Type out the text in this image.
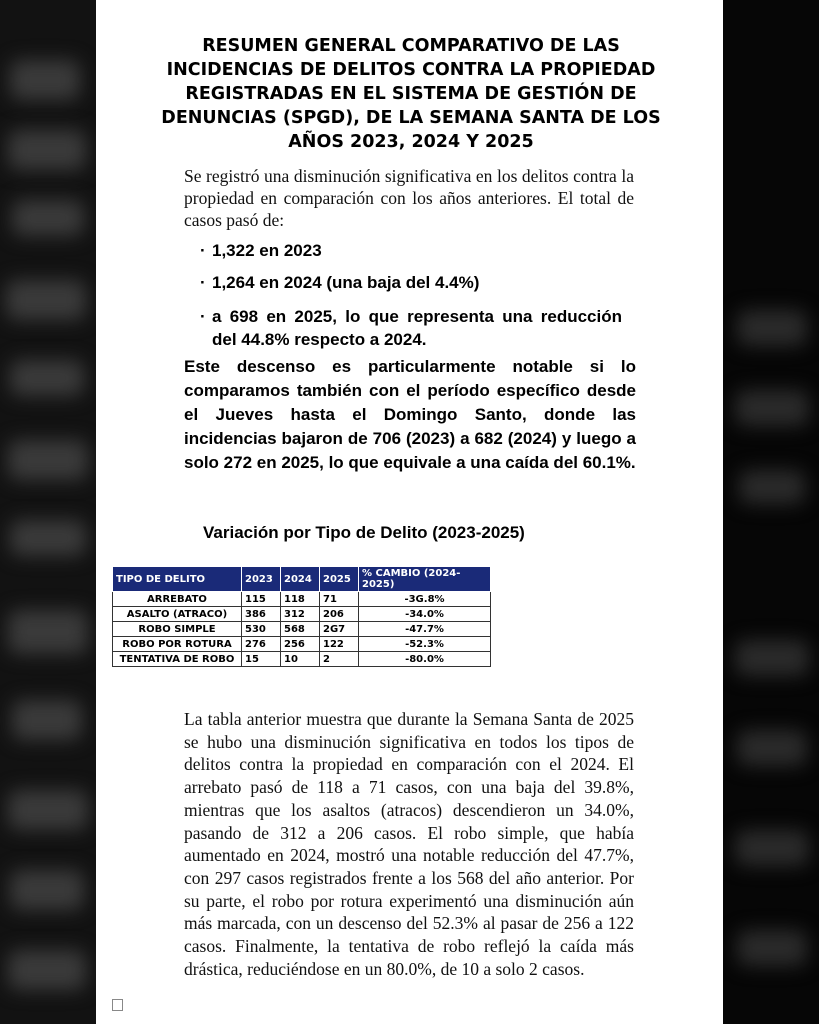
RESUMEN GENERAL COMPARATIVO DE LAS INCIDENCIAS DE DELITOS CONTRA LA PROPIEDAD REGISTRADAS EN EL SISTEMA DE GESTIÓN DE DENUNCIAS (SPGD), DE LA SEMANA SANTA DE LOS AÑOS 2023, 2024 Y 2025
Se registró una disminución significativa en los delitos contra la propiedad en comparación con los años anteriores. El total de casos pasó de:
· 1,322 en 2023
· 1,264 en 2024 (una baja del 4.4%)
· a 698 en 2025, lo que representa una reducción del 44.8% respecto a 2024.
Este descenso es particularmente notable si lo comparamos también con el período específico desde el Jueves hasta el Domingo Santo, donde las incidencias bajaron de 706 (2023) a 682 (2024) y luego a solo 272 en 2025, lo que equivale a una caída del 60.1%.
Variación por Tipo de Delito (2023-2025)
TIPO DE DELITO	2023	2024	2025	% CAMBIO (2024-2025)
ARREBATO	115	118	71	-3G.8%
ASALTO (ATRACO)	386	312	206	-34.0%
ROBO SIMPLE	530	568	2G7	-47.7%
ROBO POR ROTURA	276	256	122	-52.3%
TENTATIVA DE ROBO	15	10	2	-80.0%
La tabla anterior muestra que durante la Semana Santa de 2025 se hubo una disminución significativa en todos los tipos de delitos contra la propiedad en comparación con el 2024. El arrebato pasó de 118 a 71 casos, con una baja del 39.8%, mientras que los asaltos (atracos) descendieron un 34.0%, pasando de 312 a 206 casos. El robo simple, que había aumentado en 2024, mostró una notable reducción del 47.7%, con 297 casos registrados frente a los 568 del año anterior. Por su parte, el robo por rotura experimentó una disminución aún más marcada, con un descenso del 52.3% al pasar de 256 a 122 casos. Finalmente, la tentativa de robo reflejó la caída más drástica, reduciéndose en un 80.0%, de 10 a solo 2 casos.
